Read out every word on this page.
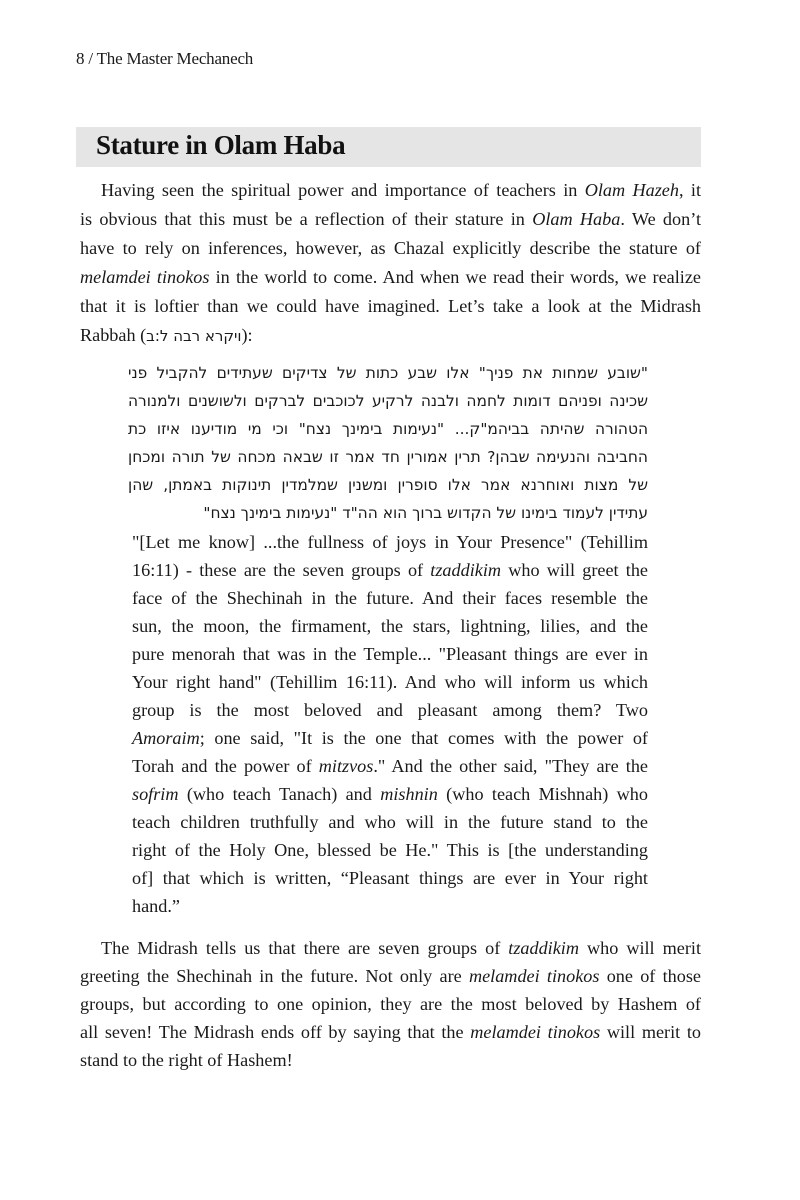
8 / The Master Mechanech
Stature in Olam Haba
Having seen the spiritual power and importance of teachers in Olam Hazeh, it
is obvious that this must be a reflection of their stature in Olam Haba. We don’t
have to rely on inferences, however, as Chazal explicitly describe the stature of
melamdei tinokos in the world to come. And when we read their words, we realize
that it is loftier than we could have imagined. Let’s take a look at the Midrash
Rabbah (ויקרא רבה ל:ב):
"שובע שמחות את פניך" אלו שבע כתות של צדיקים שעתידים להקביל פני
שכינה ופניהם דומות לחמה ולבנה לרקיע לכוכבים לברקים ולשושנים ולמנורה
הטהורה שהיתה בביהמ"ק... "נעימות בימינך נצח" וכי מי מודיענו איזו כת
החביבה והנעימה שבהן? תרין אמורין חד אמר זו שבאה מכחה של תורה ומכחן
של מצות ואוחרנא אמר אלו סופרין ומשנין שמלמדין תינוקות באמתן, שהן
עתידין לעמוד בימינו של הקדוש ברוך הוא הה"ד "נעימות בימינך נצח"
"[Let me know] ...the fullness of joys in Your Presence" (Tehillim
16:11) - these are the seven groups of tzaddikim who will greet the
face of the Shechinah in the future. And their faces resemble the
sun, the moon, the firmament, the stars, lightning, lilies, and the
pure menorah that was in the Temple... "Pleasant things are ever in
Your right hand" (Tehillim 16:11). And who will inform us which
group is the most beloved and pleasant among them? Two
Amoraim; one said, "It is the one that comes with the power of
Torah and the power of mitzvos." And the other said, "They are the
sofrim (who teach Tanach) and mishnin (who teach Mishnah) who
teach children truthfully and who will in the future stand to the
right of the Holy One, blessed be He." This is [the understanding
of] that which is written, “Pleasant things are ever in Your right
hand.”
The Midrash tells us that there are seven groups of tzaddikim who will merit
greeting the Shechinah in the future. Not only are melamdei tinokos one of those
groups, but according to one opinion, they are the most beloved by Hashem of
all seven! The Midrash ends off by saying that the melamdei tinokos will merit to
stand to the right of Hashem!
